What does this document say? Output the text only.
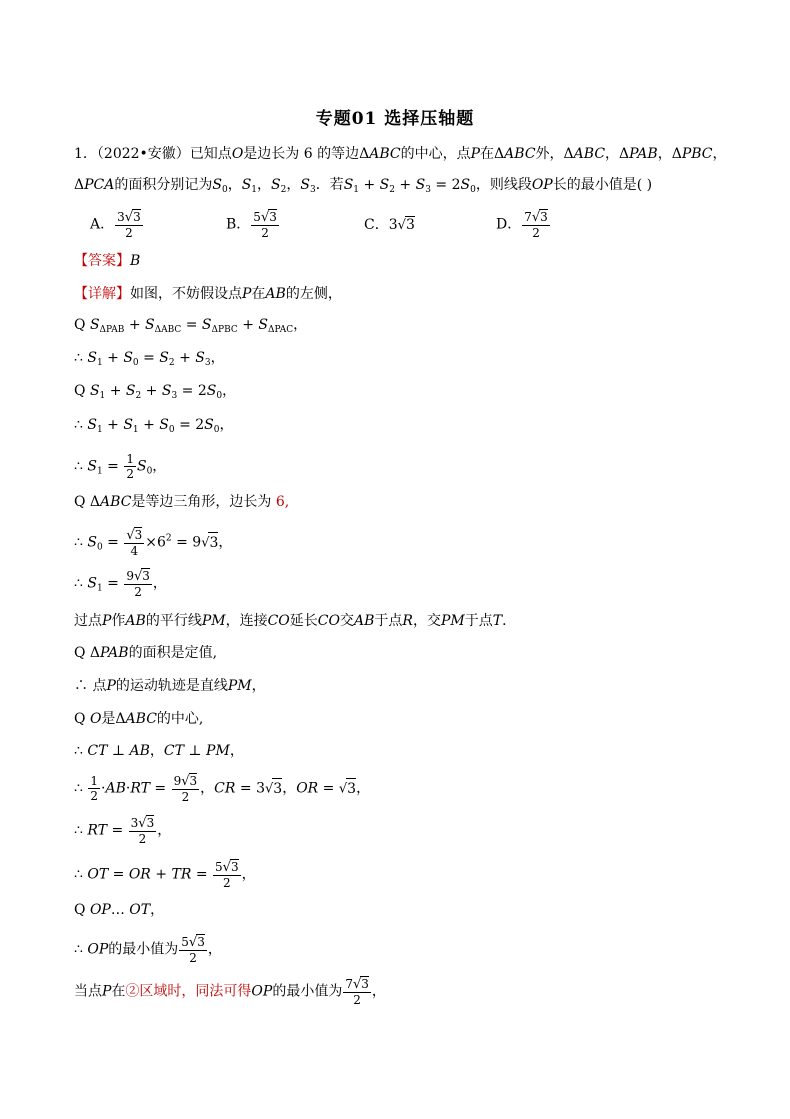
专题01 选择压轴题
1．（2022•安徽）已知点O是边长为 6 的等边ΔABC的中心，点P在ΔABC外，ΔABC，ΔPAB，ΔPBC，
ΔPCA的面积分别记为$S_0$，$S_1$，$S_2$，$S_3$．若$S_1 + S_2 + S_3 = 2S_0$，则线段OP长的最小值是( )
A． $\frac{3√3}{2}$	B． $\frac{5√3}{2}$	C．3√3	D． $\frac{7√3}{2}$
【答案】B
【详解】如图，不妨假设点P在AB的左侧，
Q $S_{\Delta PAB} + S_{\Delta ABC} = S_{\Delta PBC} + S_{\Delta PAC}$，
∴ $S_1 + S_0 = S_2 + S_3$，
Q $S_1 + S_2 + S_3 = 2S_0$，
∴ $S_1 + S_1 + S_0 = 2S_0$，
∴ $S_1 = \frac{1}{2} S_0$，
Q ΔABC是等边三角形，边长为 6,
∴ $S_0 = \frac{√3}{4} \times 6^2 = 9√3$，
∴ $S_1 = \frac{9√3}{2}$ ，
过点P作AB的平行线PM，连接CO延长CO交AB于点R，交PM于点T．
Q ΔPAB的面积是定值,
∴ 点P的运动轨迹是直线PM，
Q O是ΔABC的中心,
∴ CT ⊥ AB，CT ⊥ PM，
∴ $\frac{1}{2} \cdot AB\cdot RT = \frac{9√3}{2}$ ，CR = 3√3，OR = √3，
∴ RT = $\frac{3√3}{2}$ ，
∴ OT = OR + TR = $\frac{5√3}{2}$ ，
Q OP… OT，
∴ OP的最小值为 $\frac{5√3}{2}$ ，
当点P在②区域时，同法可得OP的最小值为 $\frac{7√3}{2}$ ，
